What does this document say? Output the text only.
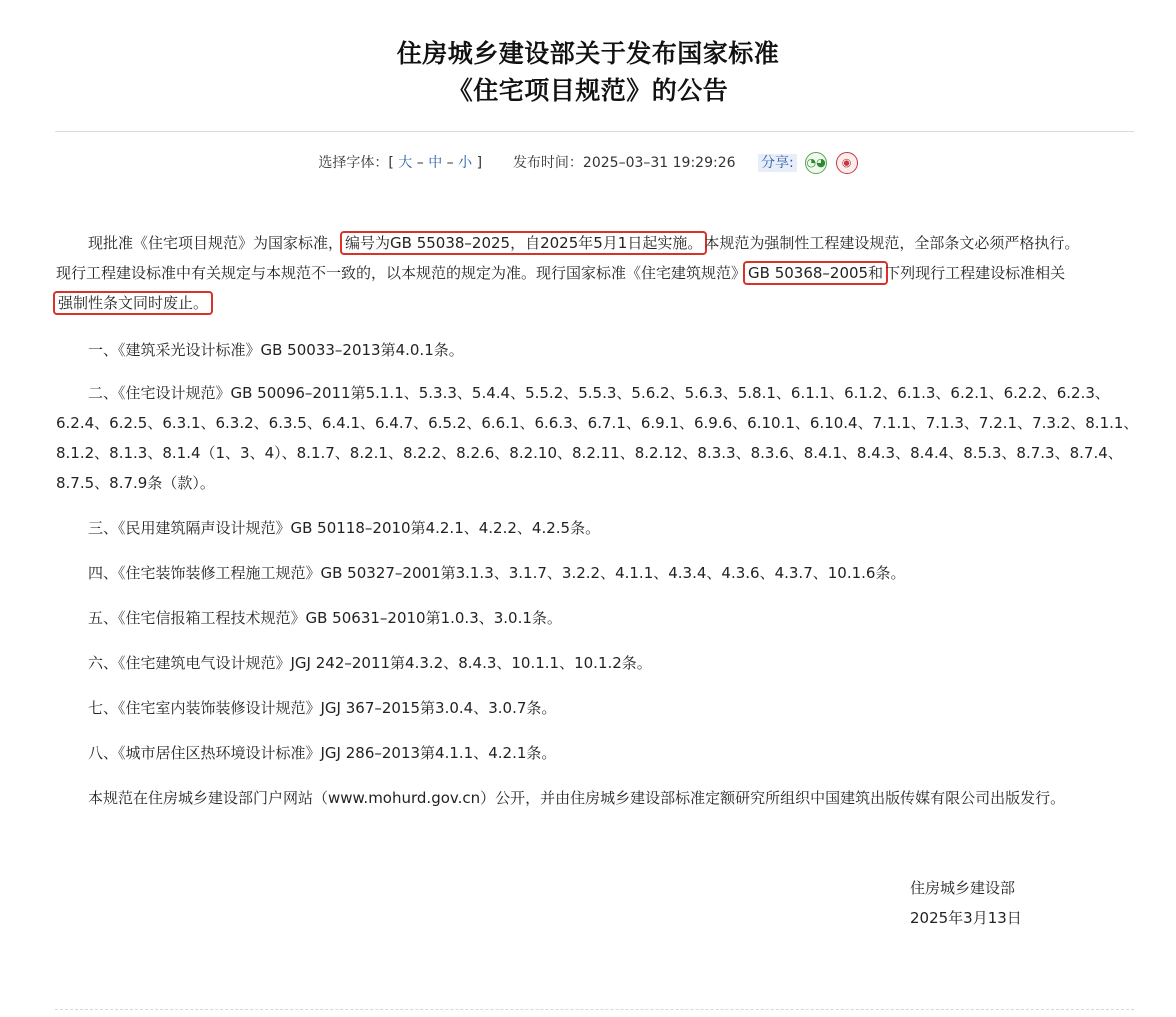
住房城乡建设部关于发布国家标准
《住宅项目规范》的公告
选择字体：[ 大 – 中 – 小 ] 发布时间：2025–03–31 19:29:26 分享: ◔◕ ◉
现批准《住宅项目规范》为国家标准， 编号为GB 55038–2025，自2025年5月1日起实施。 本规范为强制性工程建设规范，全部条文必须严格执行。
现行工程建设标准中有关规定与本规范不一致的，以本规范的规定为准。现行国家标准《住宅建筑规范》 GB 50368–2005和 下列现行工程建设标准相关
强制性条文同时废止。
一、《建筑采光设计标准》GB 50033–2013第4.0.1条。
二、《住宅设计规范》GB 50096–2011第5.1.1、5.3.3、5.4.4、5.5.2、5.5.3、5.6.2、5.6.3、5.8.1、6.1.1、6.1.2、6.1.3、6.2.1、6.2.2、6.2.3、
6.2.4、6.2.5、6.3.1、6.3.2、6.3.5、6.4.1、6.4.7、6.5.2、6.6.1、6.6.3、6.7.1、6.9.1、6.9.6、6.10.1、6.10.4、7.1.1、7.1.3、7.2.1、7.3.2、8.1.1、
8.1.2、8.1.3、8.1.4（1、3、4）、8.1.7、8.2.1、8.2.2、8.2.6、8.2.10、8.2.11、8.2.12、8.3.3、8.3.6、8.4.1、8.4.3、8.4.4、8.5.3、8.7.3、8.7.4、
8.7.5、8.7.9条（款）。
三、《民用建筑隔声设计规范》GB 50118–2010第4.2.1、4.2.2、4.2.5条。
四、《住宅装饰装修工程施工规范》GB 50327–2001第3.1.3、3.1.7、3.2.2、4.1.1、4.3.4、4.3.6、4.3.7、10.1.6条。
五、《住宅信报箱工程技术规范》GB 50631–2010第1.0.3、3.0.1条。
六、《住宅建筑电气设计规范》JGJ 242–2011第4.3.2、8.4.3、10.1.1、10.1.2条。
七、《住宅室内装饰装修设计规范》JGJ 367–2015第3.0.4、3.0.7条。
八、《城市居住区热环境设计标准》JGJ 286–2013第4.1.1、4.2.1条。
本规范在住房城乡建设部门户网站（www.mohurd.gov.cn）公开，并由住房城乡建设部标准定额研究所组织中国建筑出版传媒有限公司出版发行。
住房城乡建设部
2025年3月13日
